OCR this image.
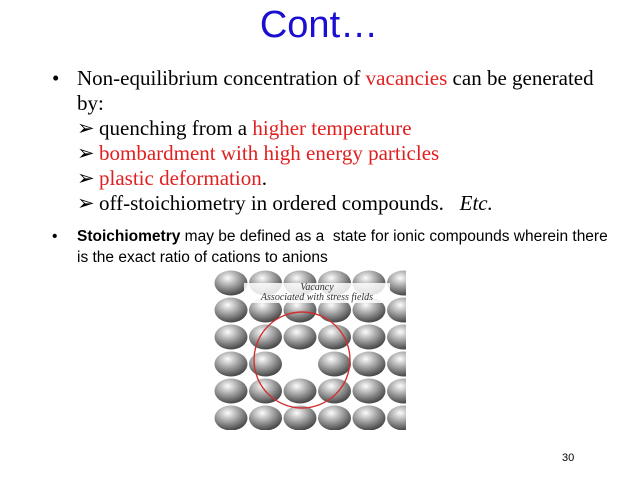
Cont…
• Non-equilibrium concentration of vacancies can be generated by:
➢ quenching from a higher temperature
➢ bombardment with high energy particles
➢ plastic deformation.
➢ off-stoichiometry in ordered compounds.   Etc.
• Stoichiometry may be defined as a  state for ionic compounds wherein there is the exact ratio of cations to anions
Vacancy
Associated with stress fields
30
